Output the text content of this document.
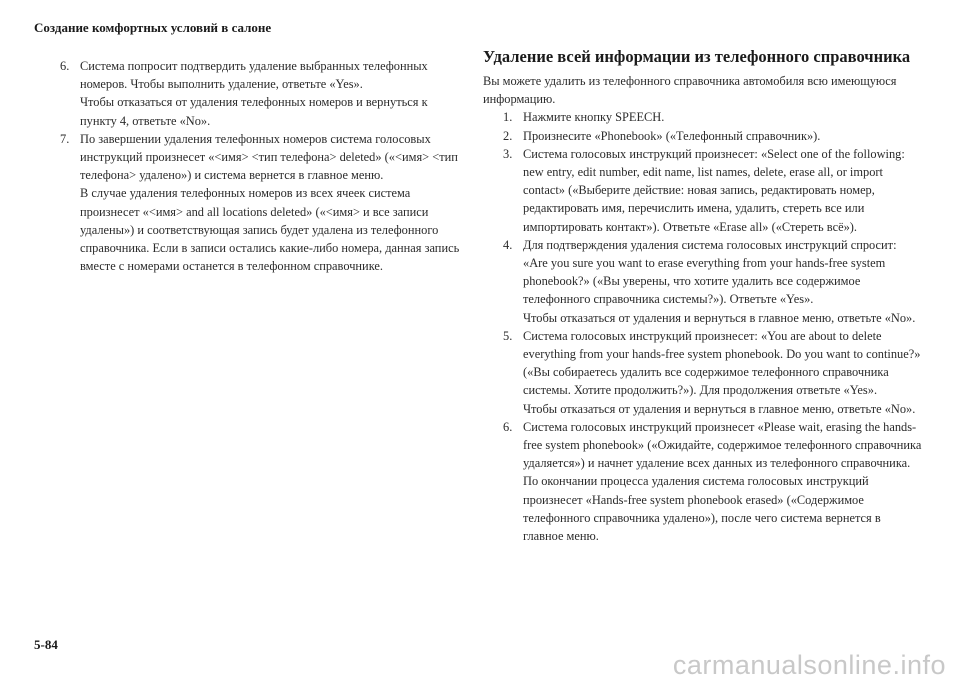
Создание комфортных условий в салоне
6. Система попросит подтвердить удаление выбранных телефонных номеров. Чтобы выполнить удаление, ответьте «Yes».
Чтобы отказаться от удаления телефонных номеров и вернуться к пункту 4, ответьте «No».
7. По завершении удаления телефонных номеров система голосовых инструкций произнесет «<имя> <тип телефона> deleted» («<имя> <тип телефона> удалено») и система вернется в главное меню.
В случае удаления телефонных номеров из всех ячеек система произнесет «<имя> and all locations deleted» («<имя> и все записи удалены») и соответствующая запись будет удалена из телефонного справочника. Если в записи остались какие-либо номера, данная запись вместе с номерами останется в телефонном справочнике.
Удаление всей информации из телефонного справочника
Вы можете удалить из телефонного справочника автомобиля всю имеющуюся информацию.
1. Нажмите кнопку SPEECH.
2. Произнесите «Phonebook» («Телефонный справочник»).
3. Система голосовых инструкций произнесет: «Select one of the following: new entry, edit number, edit name, list names, delete, erase all, or import contact» («Выберите действие: новая запись, редактировать номер, редактировать имя, перечислить имена, удалить, стереть все или импортировать контакт»). Ответьте «Erase all» («Стереть всё»).
4. Для подтверждения удаления система голосовых инструкций спросит: «Are you sure you want to erase everything from your hands-free system phonebook?» («Вы уверены, что хотите удалить все содержимое телефонного справочника системы?»). Ответьте «Yes».
Чтобы отказаться от удаления и вернуться в главное меню, ответьте «No».
5. Система голосовых инструкций произнесет: «You are about to delete everything from your hands-free system phonebook. Do you want to continue?» («Вы собираетесь удалить все содержимое телефонного справочника системы. Хотите продолжить?»). Для продолжения ответьте «Yes».
Чтобы отказаться от удаления и вернуться в главное меню, ответьте «No».
6. Система голосовых инструкций произнесет «Please wait, erasing the hands-free system phonebook» («Ожидайте, содержимое телефонного справочника удаляется») и начнет удаление всех данных из телефонного справочника.
По окончании процесса удаления система голосовых инструкций произнесет «Hands-free system phonebook erased» («Содержимое телефонного справочника удалено»), после чего система вернется в главное меню.
5-84
carmanualsonline.info
